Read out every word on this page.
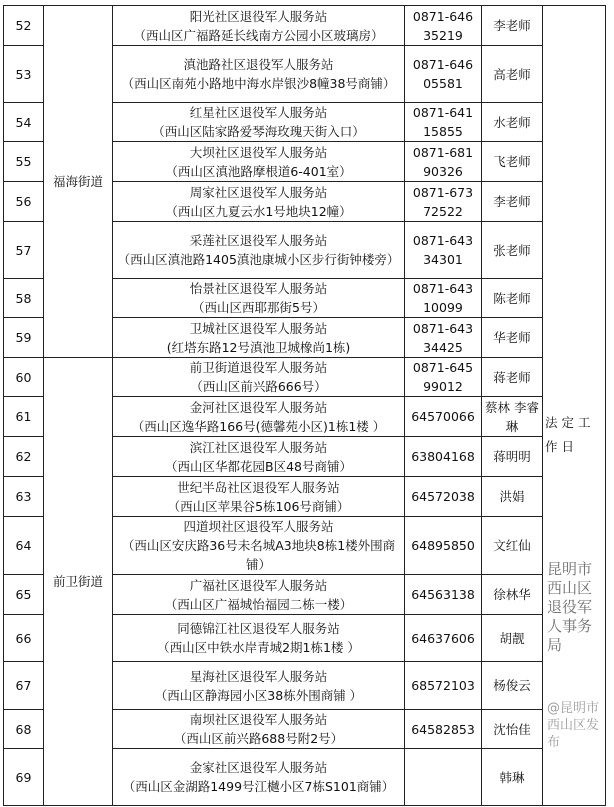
52	福海街道	阳光社区退役军人服务站
（西山区广福路延长线南方公园小区玻璃房）	0871-64635219	李老师	法定工作日
53		滇池路社区退役军人服务站
（西山区南苑小路地中海水岸银沙8幢38号商铺）	0871-64605581	高老师	
54		红星社区退役军人服务站
（西山区陆家路爱琴海玫瑰天街入口）	0871-64115855	水老师	
55		大坝社区退役军人服务站
（西山区滇池路摩根道6-401室）	0871-68190326	飞老师	
56		周家社区退役军人服务站
（西山区九夏云水1号地块12幢）	0871-67372522	李老师	
57		采莲社区退役军人服务站
（西山区滇池路1405滇池康城小区步行街钟楼旁）	0871-64334301	张老师	
58		怡景社区退役军人服务站
（西山区西耶那街5号）	0871-64310099	陈老师	
59		卫城社区退役军人服务站
(红塔东路12号滇池卫城橡尚1栋)	0871-64334425	华老师	
60	前卫街道	前卫街道退役军人服务站
（西山区前兴路666号）	0871-64599012	蒋老师	
61		金河社区退役军人服务站
（西山区逸华路166号(德馨苑小区)1栋1楼 ）	64570066	蔡林 李睿琳	
62		滨江社区退役军人服务站
（西山区华都花园B区48号商铺）	63804168	蒋明明	
63		世纪半岛社区退役军人服务站
（西山区苹果谷5栋106号商铺）	64572038	洪娟	
64		四道坝社区退役军人服务站
（西山区安庆路36号未名城A3地块8栋1楼外围商铺）	64895850	文红仙	
65		广福社区退役军人服务站
（西山区广福城怡福园二栋一楼）	64563138	徐林华	
66		同德锦江社区退役军人服务站
（西山区中铁水岸青城2期1栋1楼 ）	64637606	胡靓	
67		星海社区退役军人服务站
（西山区静海园小区38栋外围商铺 ）	68572103	杨俊云	
68		南坝社区退役军人服务站
（西山区前兴路688号附2号）	64582853	沈怡佳	
69		金家社区退役军人服务站
（西山区金湖路1499号江樾小区7栋S101商铺）		韩琳	
昆明市西山区退役军人事务局
@昆明市西山区发布
